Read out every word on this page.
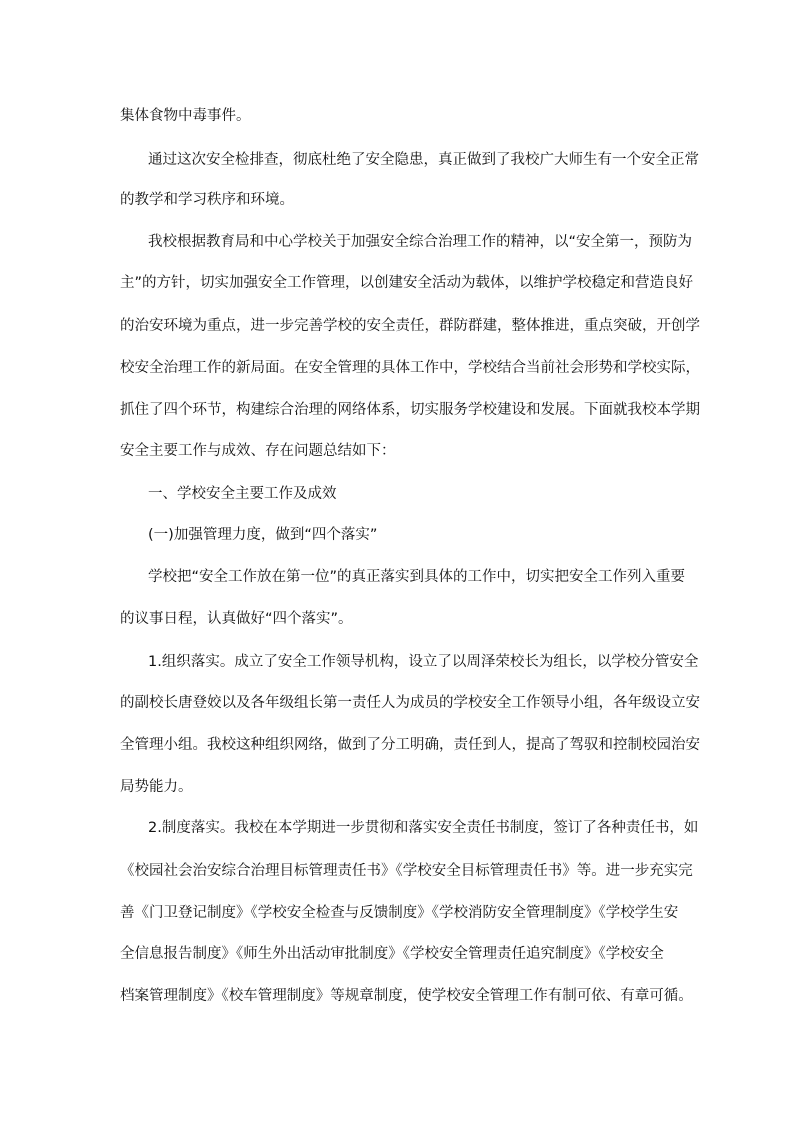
集体食物中毒事件。
通过这次安全检排查，彻底杜绝了安全隐患，真正做到了我校广大师生有一个安全正常
的教学和学习秩序和环境。
我校根据教育局和中心学校关于加强安全综合治理工作的精神，以“安全第一，预防为
主”的方针，切实加强安全工作管理，以创建安全活动为载体，以维护学校稳定和营造良好
的治安环境为重点，进一步完善学校的安全责任，群防群建，整体推进，重点突破，开创学
校安全治理工作的新局面。在安全管理的具体工作中，学校结合当前社会形势和学校实际，
抓住了四个环节，构建综合治理的网络体系，切实服务学校建设和发展。下面就我校本学期
安全主要工作与成效、存在问题总结如下：
一、学校安全主要工作及成效
(一)加强管理力度，做到“四个落实”
学校把“安全工作放在第一位”的真正落实到具体的工作中，切实把安全工作列入重要
的议事日程，认真做好“四个落实”。
1.组织落实。成立了安全工作领导机构，设立了以周泽荣校长为组长，以学校分管安全
的副校长唐登姣以及各年级组长第一责任人为成员的学校安全工作领导小组，各年级设立安
全管理小组。我校这种组织网络，做到了分工明确，责任到人，提高了驾驭和控制校园治安
局势能力。
2.制度落实。我校在本学期进一步贯彻和落实安全责任书制度，签订了各种责任书，如
《校园社会治安综合治理目标管理责任书》《学校安全目标管理责任书》等。进一步充实完
善《门卫登记制度》《学校安全检查与反馈制度》《学校消防安全管理制度》《学校学生安
全信息报告制度》《师生外出活动审批制度》《学校安全管理责任追究制度》《学校安全
档案管理制度》《校车管理制度》等规章制度，使学校安全管理工作有制可依、有章可循。
